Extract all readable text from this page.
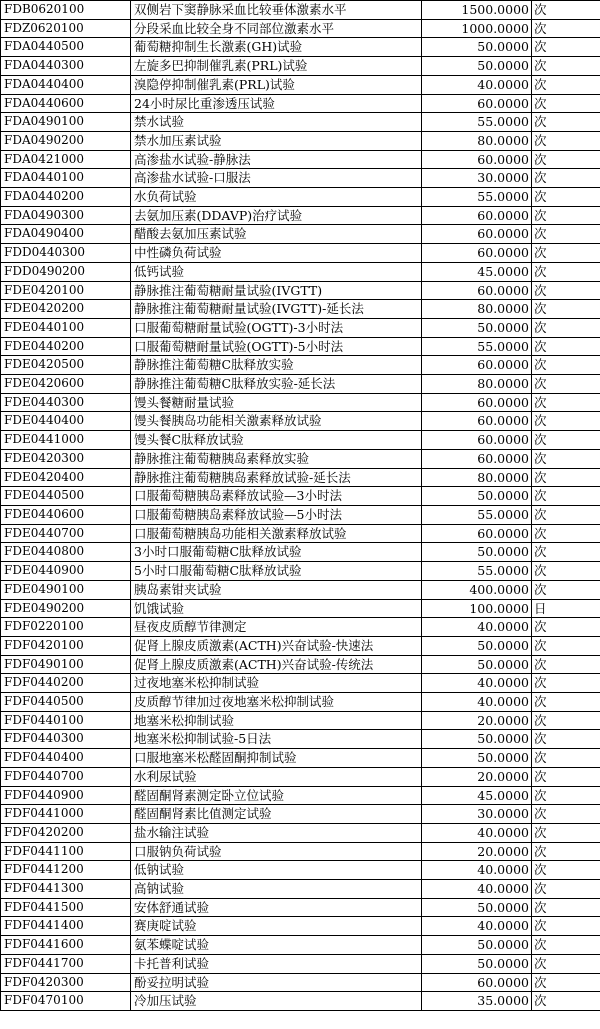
FDB0620100	双侧岩下窦静脉采血比较垂体激素水平	1500.0000	次
FDZ0620100	分段采血比较全身不同部位激素水平	1000.0000	次
FDA0440500	葡萄糖抑制生长激素(GH)试验	50.0000	次
FDA0440300	左旋多巴抑制催乳素(PRL)试验	50.0000	次
FDA0440400	溴隐停抑制催乳素(PRL)试验	40.0000	次
FDA0440600	24小时尿比重渗透压试验	60.0000	次
FDA0490100	禁水试验	55.0000	次
FDA0490200	禁水加压素试验	80.0000	次
FDA0421000	高渗盐水试验-静脉法	60.0000	次
FDA0440100	高渗盐水试验-口服法	30.0000	次
FDA0440200	水负荷试验	55.0000	次
FDA0490300	去氨加压素(DDAVP)治疗试验	60.0000	次
FDA0490400	醋酸去氨加压素试验	60.0000	次
FDD0440300	中性磷负荷试验	60.0000	次
FDD0490200	低钙试验	45.0000	次
FDE0420100	静脉推注葡萄糖耐量试验(IVGTT)	60.0000	次
FDE0420200	静脉推注葡萄糖耐量试验(IVGTT)-延长法	80.0000	次
FDE0440100	口服葡萄糖耐量试验(OGTT)-3小时法	50.0000	次
FDE0440200	口服葡萄糖耐量试验(OGTT)-5小时法	55.0000	次
FDE0420500	静脉推注葡萄糖C肽释放实验	60.0000	次
FDE0420600	静脉推注葡萄糖C肽释放实验-延长法	80.0000	次
FDE0440300	馒头餐糖耐量试验	60.0000	次
FDE0440400	馒头餐胰岛功能相关激素释放试验	60.0000	次
FDE0441000	馒头餐C肽释放试验	60.0000	次
FDE0420300	静脉推注葡萄糖胰岛素释放实验	60.0000	次
FDE0420400	静脉推注葡萄糖胰岛素释放试验-延长法	80.0000	次
FDE0440500	口服葡萄糖胰岛素释放试验—3小时法	50.0000	次
FDE0440600	口服葡萄糖胰岛素释放试验—5小时法	55.0000	次
FDE0440700	口服葡萄糖胰岛功能相关激素释放试验	60.0000	次
FDE0440800	3小时口服葡萄糖C肽释放试验	50.0000	次
FDE0440900	5小时口服葡萄糖C肽释放试验	55.0000	次
FDE0490100	胰岛素钳夹试验	400.0000	次
FDE0490200	饥饿试验	100.0000	日
FDF0220100	昼夜皮质醇节律测定	40.0000	次
FDF0420100	促肾上腺皮质激素(ACTH)兴奋试验-快速法	50.0000	次
FDF0490100	促肾上腺皮质激素(ACTH)兴奋试验-传统法	50.0000	次
FDF0440200	过夜地塞米松抑制试验	40.0000	次
FDF0440500	皮质醇节律加过夜地塞米松抑制试验	40.0000	次
FDF0440100	地塞米松抑制试验	20.0000	次
FDF0440300	地塞米松抑制试验-5日法	50.0000	次
FDF0440400	口服地塞米松醛固酮抑制试验	50.0000	次
FDF0440700	水利尿试验	20.0000	次
FDF0440900	醛固酮肾素测定卧立位试验	45.0000	次
FDF0441000	醛固酮肾素比值测定试验	30.0000	次
FDF0420200	盐水输注试验	40.0000	次
FDF0441100	口服钠负荷试验	20.0000	次
FDF0441200	低钠试验	40.0000	次
FDF0441300	高钠试验	40.0000	次
FDF0441500	安体舒通试验	50.0000	次
FDF0441400	赛庚啶试验	40.0000	次
FDF0441600	氨苯蝶啶试验	50.0000	次
FDF0441700	卡托普利试验	50.0000	次
FDF0420300	酚妥拉明试验	60.0000	次
FDF0470100	冷加压试验	35.0000	次
